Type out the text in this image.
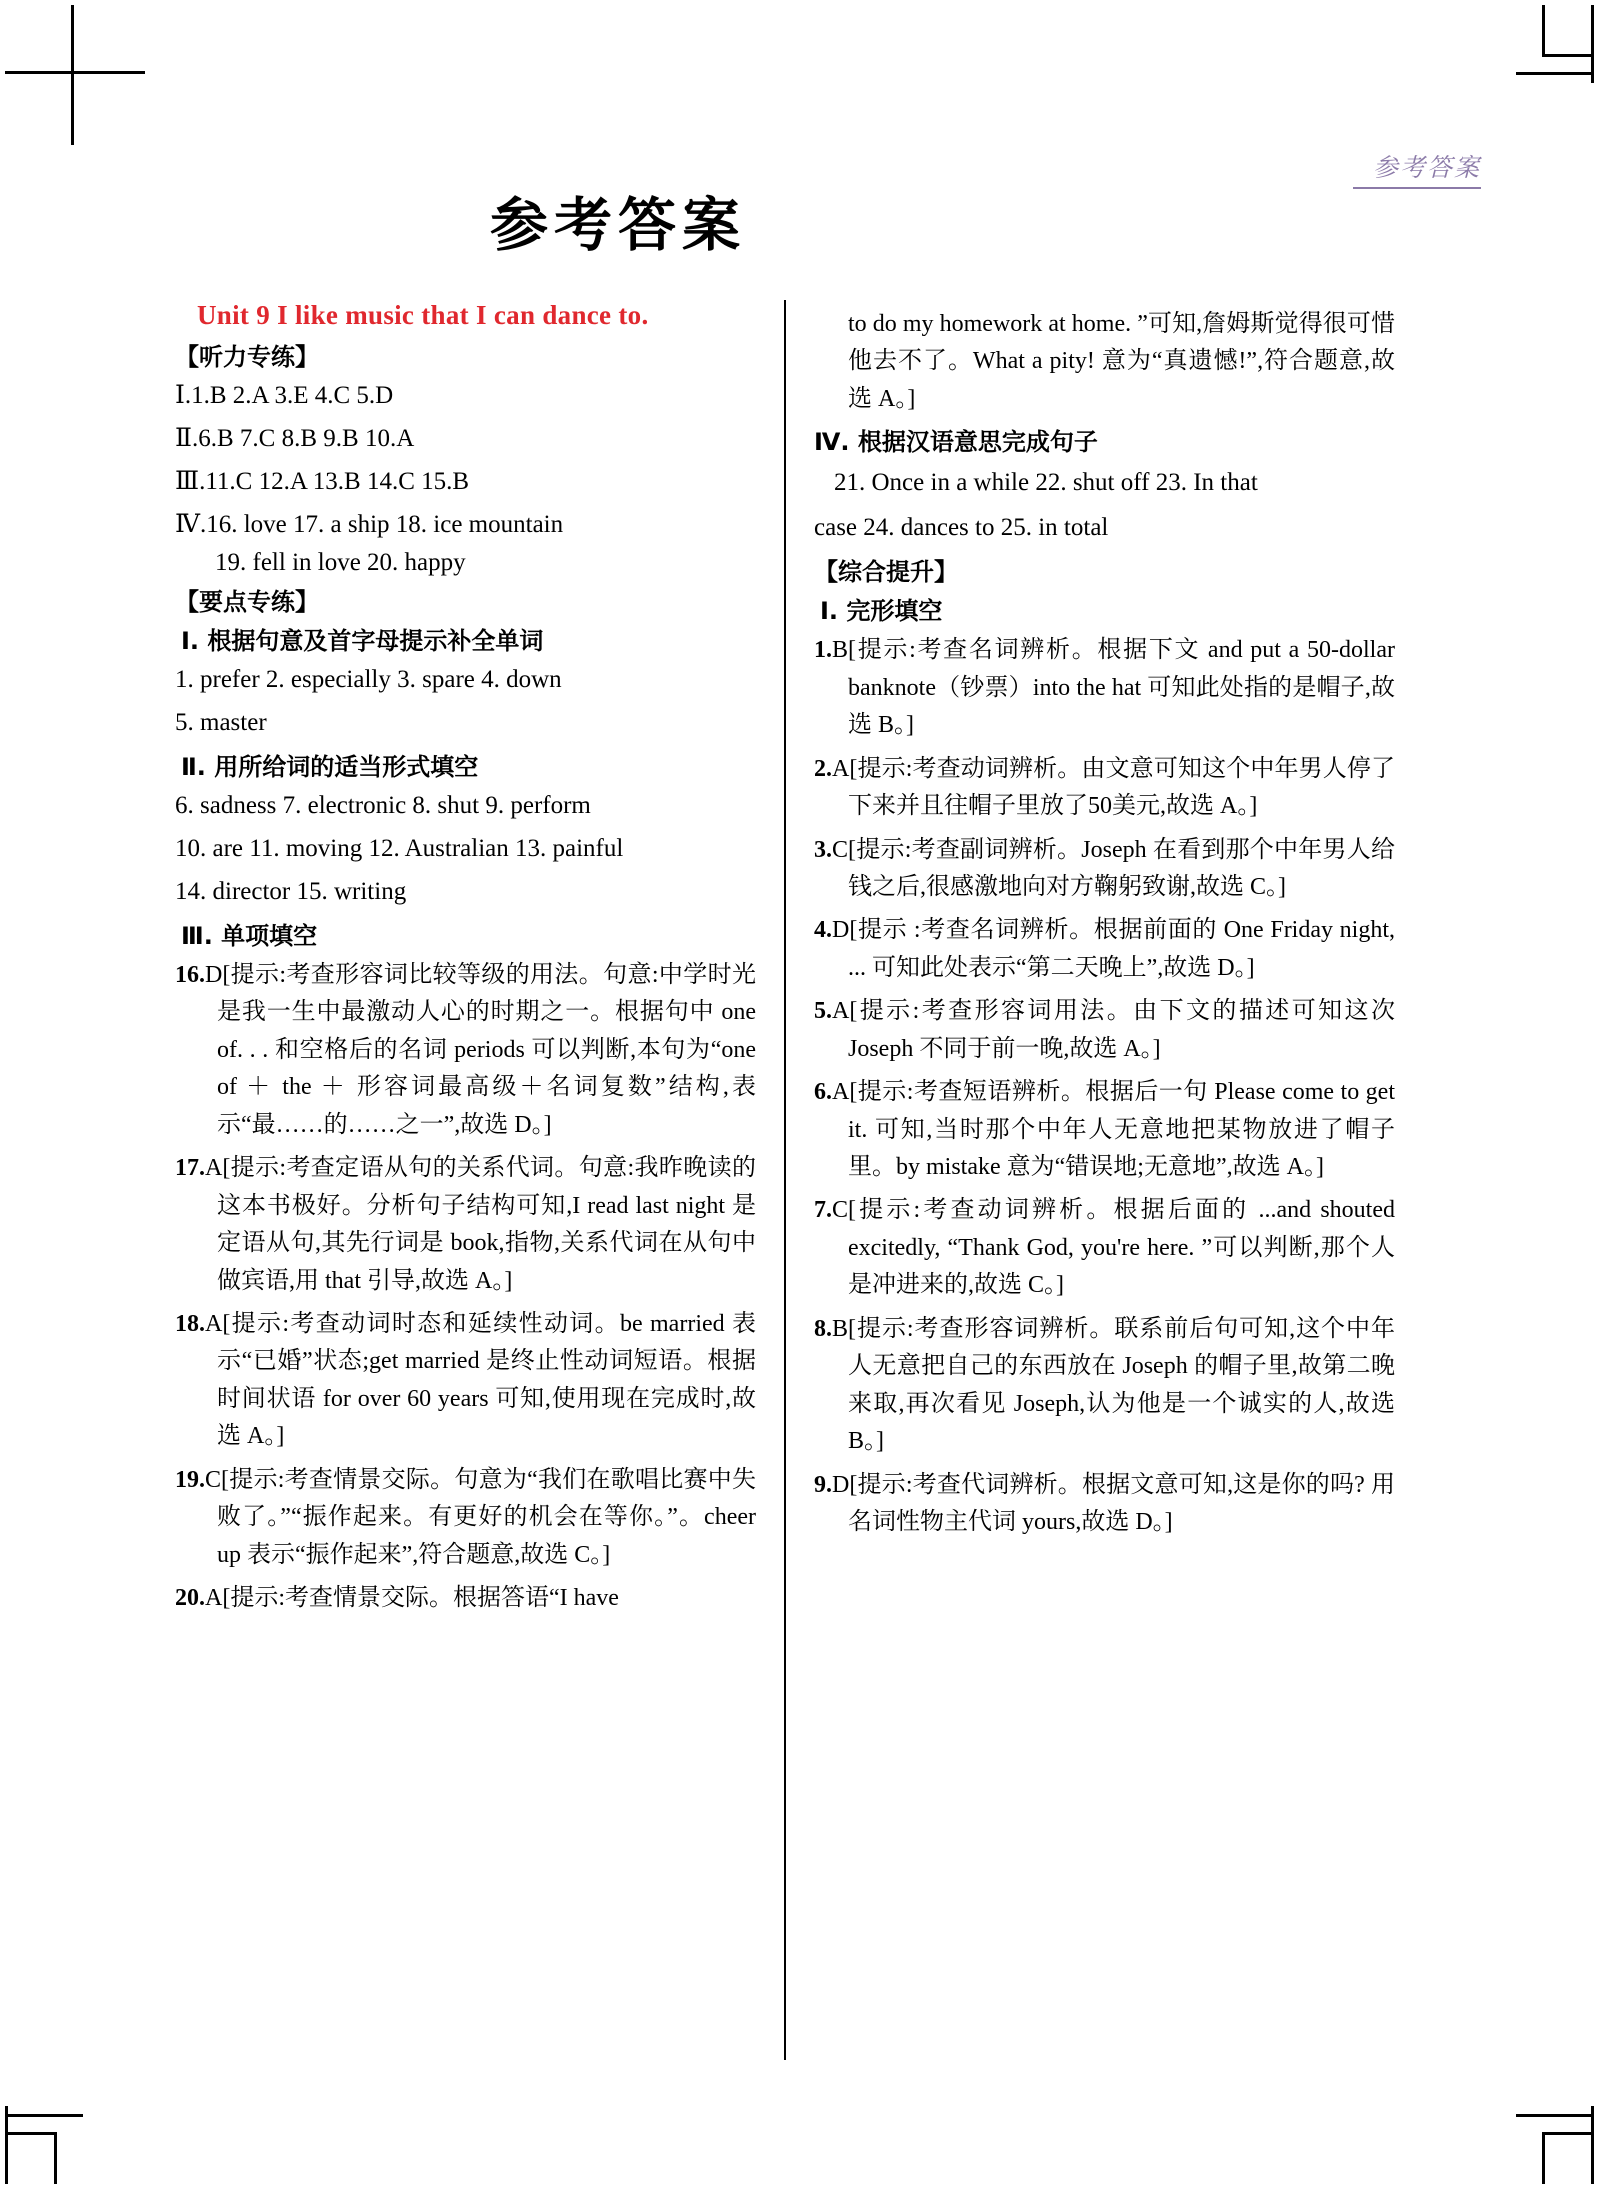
参考答案
参考答案
Unit 9 I like music that I can dance to.
【听力专练】
Ⅰ.1.B 2.A 3.E 4.C 5.D
Ⅱ.6.B 7.C 8.B 9.B 10.A
Ⅲ.11.C 12.A 13.B 14.C 15.B
Ⅳ.16. love 17. a ship 18. ice mountain
19. fell in love 20. happy
【要点专练】
Ⅰ. 根据句意及首字母提示补全单词
1. prefer 2. especially 3. spare 4. down
5. master
Ⅱ. 用所给词的适当形式填空
6. sadness 7. electronic 8. shut 9. perform
10. are 11. moving 12. Australian 13. painful
14. director 15. writing
Ⅲ. 单项填空
16.D[提示:考查形容词比较等级的用法。句意:中学时光是我一生中最激动人心的时期之一。根据句中 one of. . . 和空格后的名词 periods 可以判断,本句为“one of ＋ the ＋ 形容词最高级＋名词复数”结构,表示“最……的……之一”,故选 D。]
17.A[提示:考查定语从句的关系代词。句意:我昨晚读的这本书极好。分析句子结构可知,I read last night 是定语从句,其先行词是 book,指物,关系代词在从句中做宾语,用 that 引导,故选 A。]
18.A[提示:考查动词时态和延续性动词。be married 表示“已婚”状态;get married 是终止性动词短语。根据时间状语 for over 60 years 可知,使用现在完成时,故选 A。]
19.C[提示:考查情景交际。句意为“我们在歌唱比赛中失败了。”“振作起来。有更好的机会在等你。”。cheer up 表示“振作起来”,符合题意,故选 C。]
20.A[提示:考查情景交际。根据答语“I have
to do my homework at home. ”可知,詹姆斯觉得很可惜他去不了。What a pity! 意为“真遗憾!”,符合题意,故选 A。]
Ⅳ. 根据汉语意思完成句子
21. Once in a while 22. shut off 23. In that
case 24. dances to 25. in total
【综合提升】
Ⅰ. 完形填空
1.B[提示:考查名词辨析。根据下文 and put a 50-dollar banknote（钞票）into the hat 可知此处指的是帽子,故选 B。]
2.A[提示:考查动词辨析。由文意可知这个中年男人停了下来并且往帽子里放了50美元,故选 A。]
3.C[提示:考查副词辨析。Joseph 在看到那个中年男人给钱之后,很感激地向对方鞠躬致谢,故选 C。]
4.D[提示 :考查名词辨析。根据前面的 One Friday night, ... 可知此处表示“第二天晚上”,故选 D。]
5.A[提示:考查形容词用法。由下文的描述可知这次 Joseph 不同于前一晚,故选 A。]
6.A[提示:考查短语辨析。根据后一句 Please come to get it. 可知,当时那个中年人无意地把某物放进了帽子里。by mistake 意为“错误地;无意地”,故选 A。]
7.C[提示:考查动词辨析。根据后面的 ...and shouted excitedly, “Thank God, you're here. ”可以判断,那个人是冲进来的,故选 C。]
8.B[提示:考查形容词辨析。联系前后句可知,这个中年人无意把自己的东西放在 Joseph 的帽子里,故第二晚来取,再次看见 Joseph,认为他是一个诚实的人,故选 B。]
9.D[提示:考查代词辨析。根据文意可知,这是你的吗? 用名词性物主代词 yours,故选 D。]
